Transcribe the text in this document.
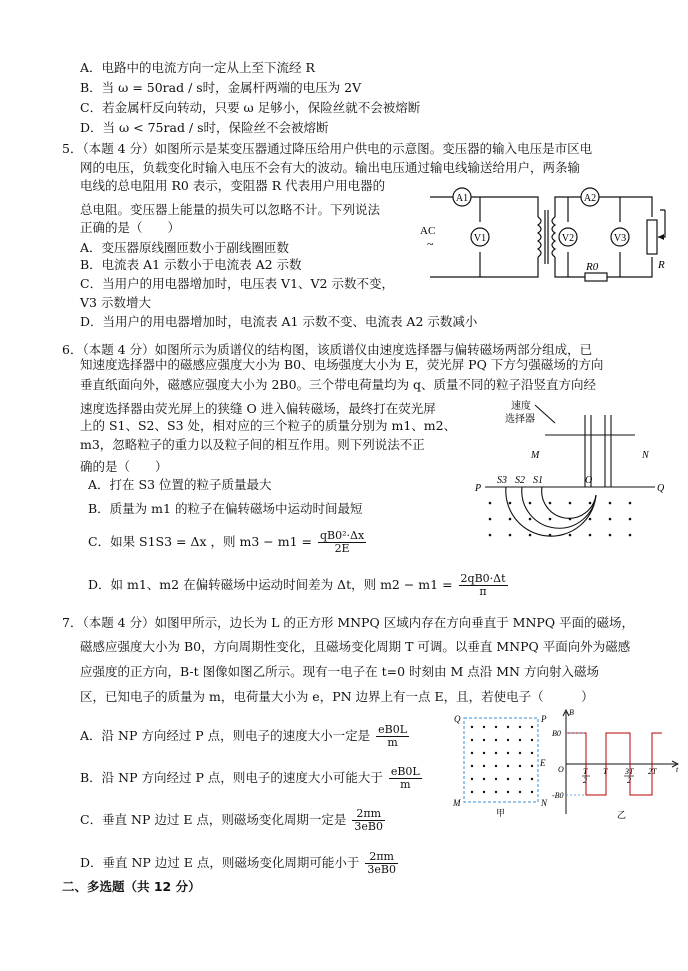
A．电路中的电流方向一定从上至下流经 R
B．当 ω = 50rad / s时，金属杆两端的电压为 2V
C．若金属杆反向转动，只要 ω 足够小，保险丝就不会被熔断
D．当 ω < 75rad / s时，保险丝不会被熔断
5．（本题 4 分）如图所示是某变压器通过降压给用户供电的示意图。变压器的输入电压是市区电
网的电压，负载变化时输入电压不会有大的波动。输出电压通过输电线输送给用户，两条输
电线的总电阻用 R0 表示，变阻器 R 代表用户用电器的
总电阻。变压器上能量的损失可以忽略不计。下列说法
正确的是（　　）
A．变压器原线圈匝数小于副线圈匝数
B．电流表 A1 示数小于电流表 A2 示数
C．当用户的用电器增加时，电压表 V1、V2 示数不变，
V3 示数增大
D．当用户的用电器增加时，电流表 A1 示数不变、电流表 A2 示数减小
A1
V1
A2
V2	V3
AC
~
R0	R
6．（本题 4 分）如图所示为质谱仪的结构图，该质谱仪由速度选择器与偏转磁场两部分组成，已
知速度选择器中的磁感应强度大小为 B0、电场强度大小为 E，荧光屏 PQ 下方匀强磁场的方向
垂直纸面向外，磁感应强度大小为 2B0。三个带电荷量均为 q、质量不同的粒子沿竖直方向经
速度选择器由荧光屏上的狭缝 O 进入偏转磁场，最终打在荧光屏
上的 S1、S2、S3 处，相对应的三个粒子的质量分别为 m1、m2、
m3，忽略粒子的重力以及粒子间的相互作用。则下列说法不正
确的是（　　）
A．打在 S3 位置的粒子质量最大
B．质量为 m1 的粒子在偏转磁场中运动时间最短
C．如果 S1S3 = Δx ，则 $m3 - m1 = \frac{\text{qB0²·Δx}}{2E}$
D．如 m1、m2 在偏转磁场中运动时间差为 Δt，则 $m2 - m1 = \frac{2qB0\cdot\Delta t}{\pi}$
速度
选择器
M	N
P	Q
S3 S2 S1	O
7．（本题 4 分）如图甲所示，边长为 L 的正方形 MNPQ 区域内存在方向垂直于 MNPQ 平面的磁场，
磁感应强度大小为 B0，方向周期性变化，且磁场变化周期 T 可调。以垂直 MNPQ 平面向外为磁感
应强度的正方向，B-t 图像如图乙所示。现有一电子在 t=0 时刻由 M 点沿 MN 方向射入磁场
区，已知电子的质量为 m，电荷量大小为 e，PN 边界上有一点 E，且，若使电子（　　　）
A．沿 NP 方向经过 P 点，则电子的速度大小一定是 $\frac{eB0L}{m}$
B．沿 NP 方向经过 P 点，则电子的速度大小可能大于 $\frac{eB0L}{m}$
C．垂直 NP 边过 E 点，则磁场变化周期一定是 $\frac{2\pi m}{3eB0}$
D．垂直 NP 边过 E 点，则磁场变化周期可能小于 $\frac{2\pi m}{3eB0}$
Q	P
M	N
E
甲
B
B0
-B0
O	t
T
2
T 3T
2
2T
乙
二、多选题（共 12 分）
